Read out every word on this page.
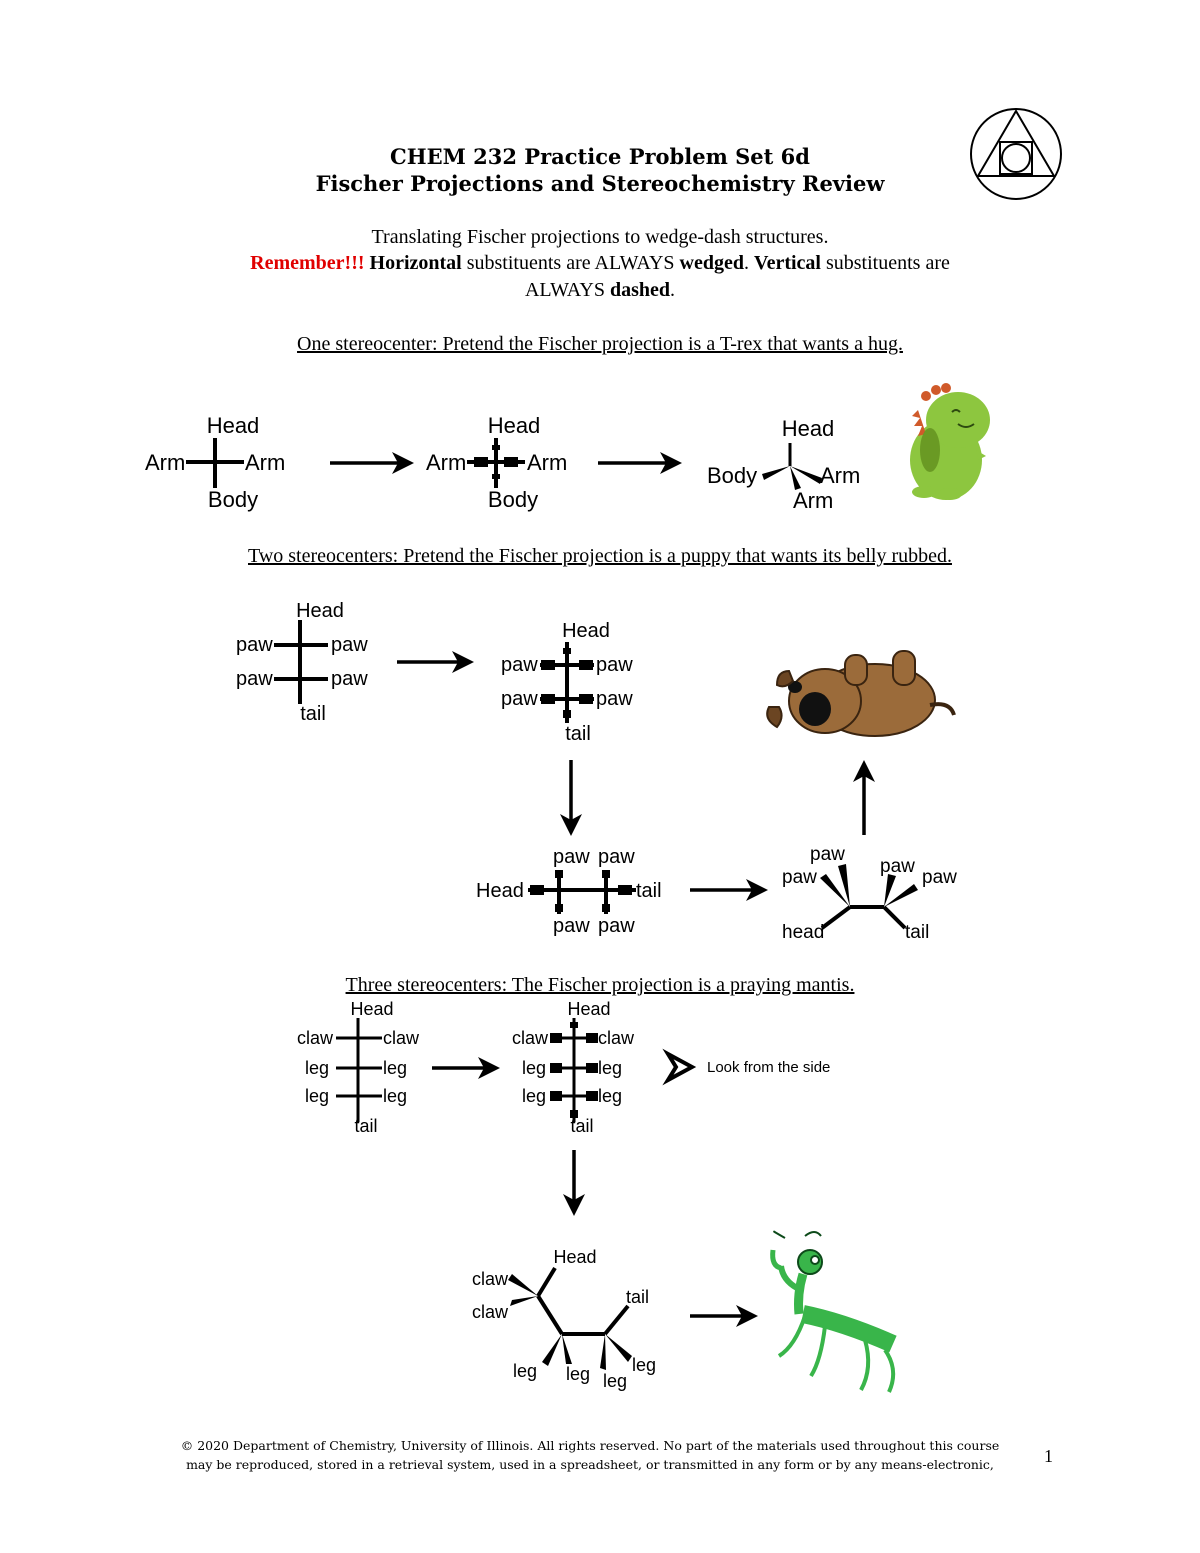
CHEM 232 Practice Problem Set 6d
Fischer Projections and Stereochemistry Review
Translating Fischer projections to wedge-dash structures.
Remember!!! Horizontal substituents are ALWAYS wedged. Vertical substituents are
ALWAYS dashed.
One stereocenter: Pretend the Fischer projection is a T-rex that wants a hug.
Two stereocenters: Pretend the Fischer projection is a puppy that wants its belly rubbed.
Three stereocenters: The Fischer projection is a praying mantis.
Head
Arm	Arm
Body
Head
Arm	Arm
Body
Head
Body	Arm
Arm
Head
paw	paw
paw	paw
tail
Head
paw	paw
paw	paw
tail
paw paw
Head	tail
paw paw
paw
paw
paw
paw
head	tail
Head
claw	claw
leg	leg
leg	leg
tail
Head
claw	claw
leg	leg
leg	leg
tail
Look from the side
Head
claw
claw
tail
leg leg leg
leg
© 2020 Department of Chemistry, University of Illinois. All rights reserved. No part of the materials used throughout this course
may be reproduced, stored in a retrieval system, used in a spreadsheet, or transmitted in any form or by any means-electronic,	1
